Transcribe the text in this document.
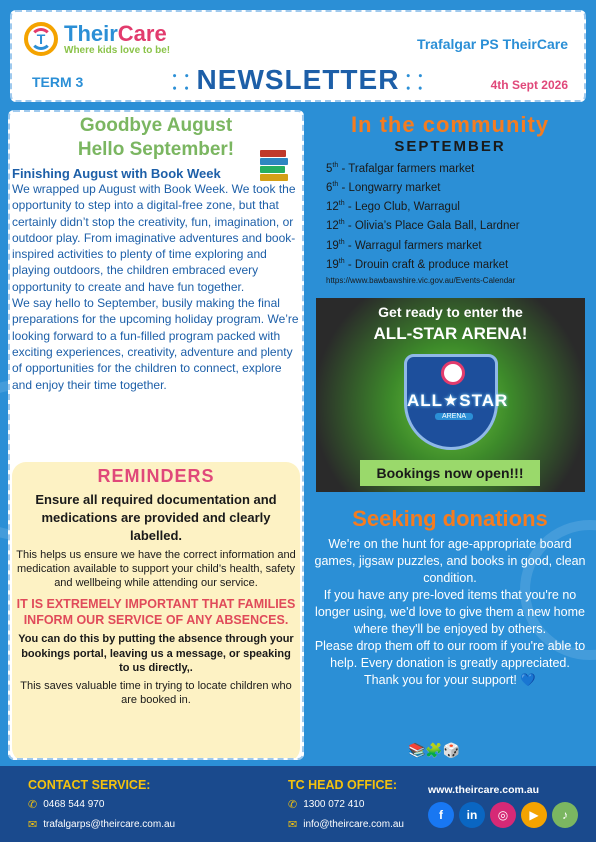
T TheirCare
Where kids love to be!	Trafalgar PS TheirCare
TERM 3	⸬ NEWSLETTER ⸬	4th Sept 2026
Goodbye August
Hello September!
Finishing August with Book Week

We wrapped up August with Book Week. We took the opportunity to step into a digital-free zone, but that certainly didn’t stop the creativity, fun, imagination, or outdoor play. From imaginative adventures and book-inspired activities to plenty of time exploring and playing outdoors, the children embraced every opportunity to create and have fun together.

We say hello to September, busily making the final preparations for the upcoming holiday program. We’re looking forward to a fun-filled program packed with exciting experiences, creativity, adventure and plenty of opportunities for the children to connect, explore and enjoy their time together.

REMINDERS
Ensure all required documentation and medications are provided and clearly labelled.
This helps us ensure we have the correct information and medication available to support your child’s health, safety and wellbeing while attending our service.
IT IS EXTREMELY IMPORTANT THAT FAMILIES INFORM OUR SERVICE OF ANY ABSENCES.
You can do this by putting the absence through your bookings portal, leaving us a message, or speaking to us directly,.
This saves valuable time in trying to locate children who are booked in.
In the community
SEPTEMBER
5th - Trafalgar farmers market
6th - Longwarry market
12th - Lego Club, Warragul
12th - Olivia’s Place Gala Ball, Lardner
19th - Warragul farmers market
19th - Drouin craft & produce market
https://www.bawbawshire.vic.gov.au/Events-Calendar
Get ready to enter the
ALL-STAR ARENA!
ALL★STAR
ARENA
Bookings now open!!!
Seeking donations
We're on the hunt for age-appropriate board games, jigsaw puzzles, and books in good, clean condition.
If you have any pre-loved items that you're no longer using, we'd love to give them a new home where they'll be enjoyed by others.
Please drop them off to our room if you're able to help. Every donation is greatly appreciated.
Thank you for your support! 💙
📚🧩🎲
CONTACT SERVICE:
✆ 0468 544 970
✉ trafalgarps@theircare.com.au
TC HEAD OFFICE:
✆ 1300 072 410
✉ info@theircare.com.au
www.theircare.com.au
f	in	◎	▶	♪
